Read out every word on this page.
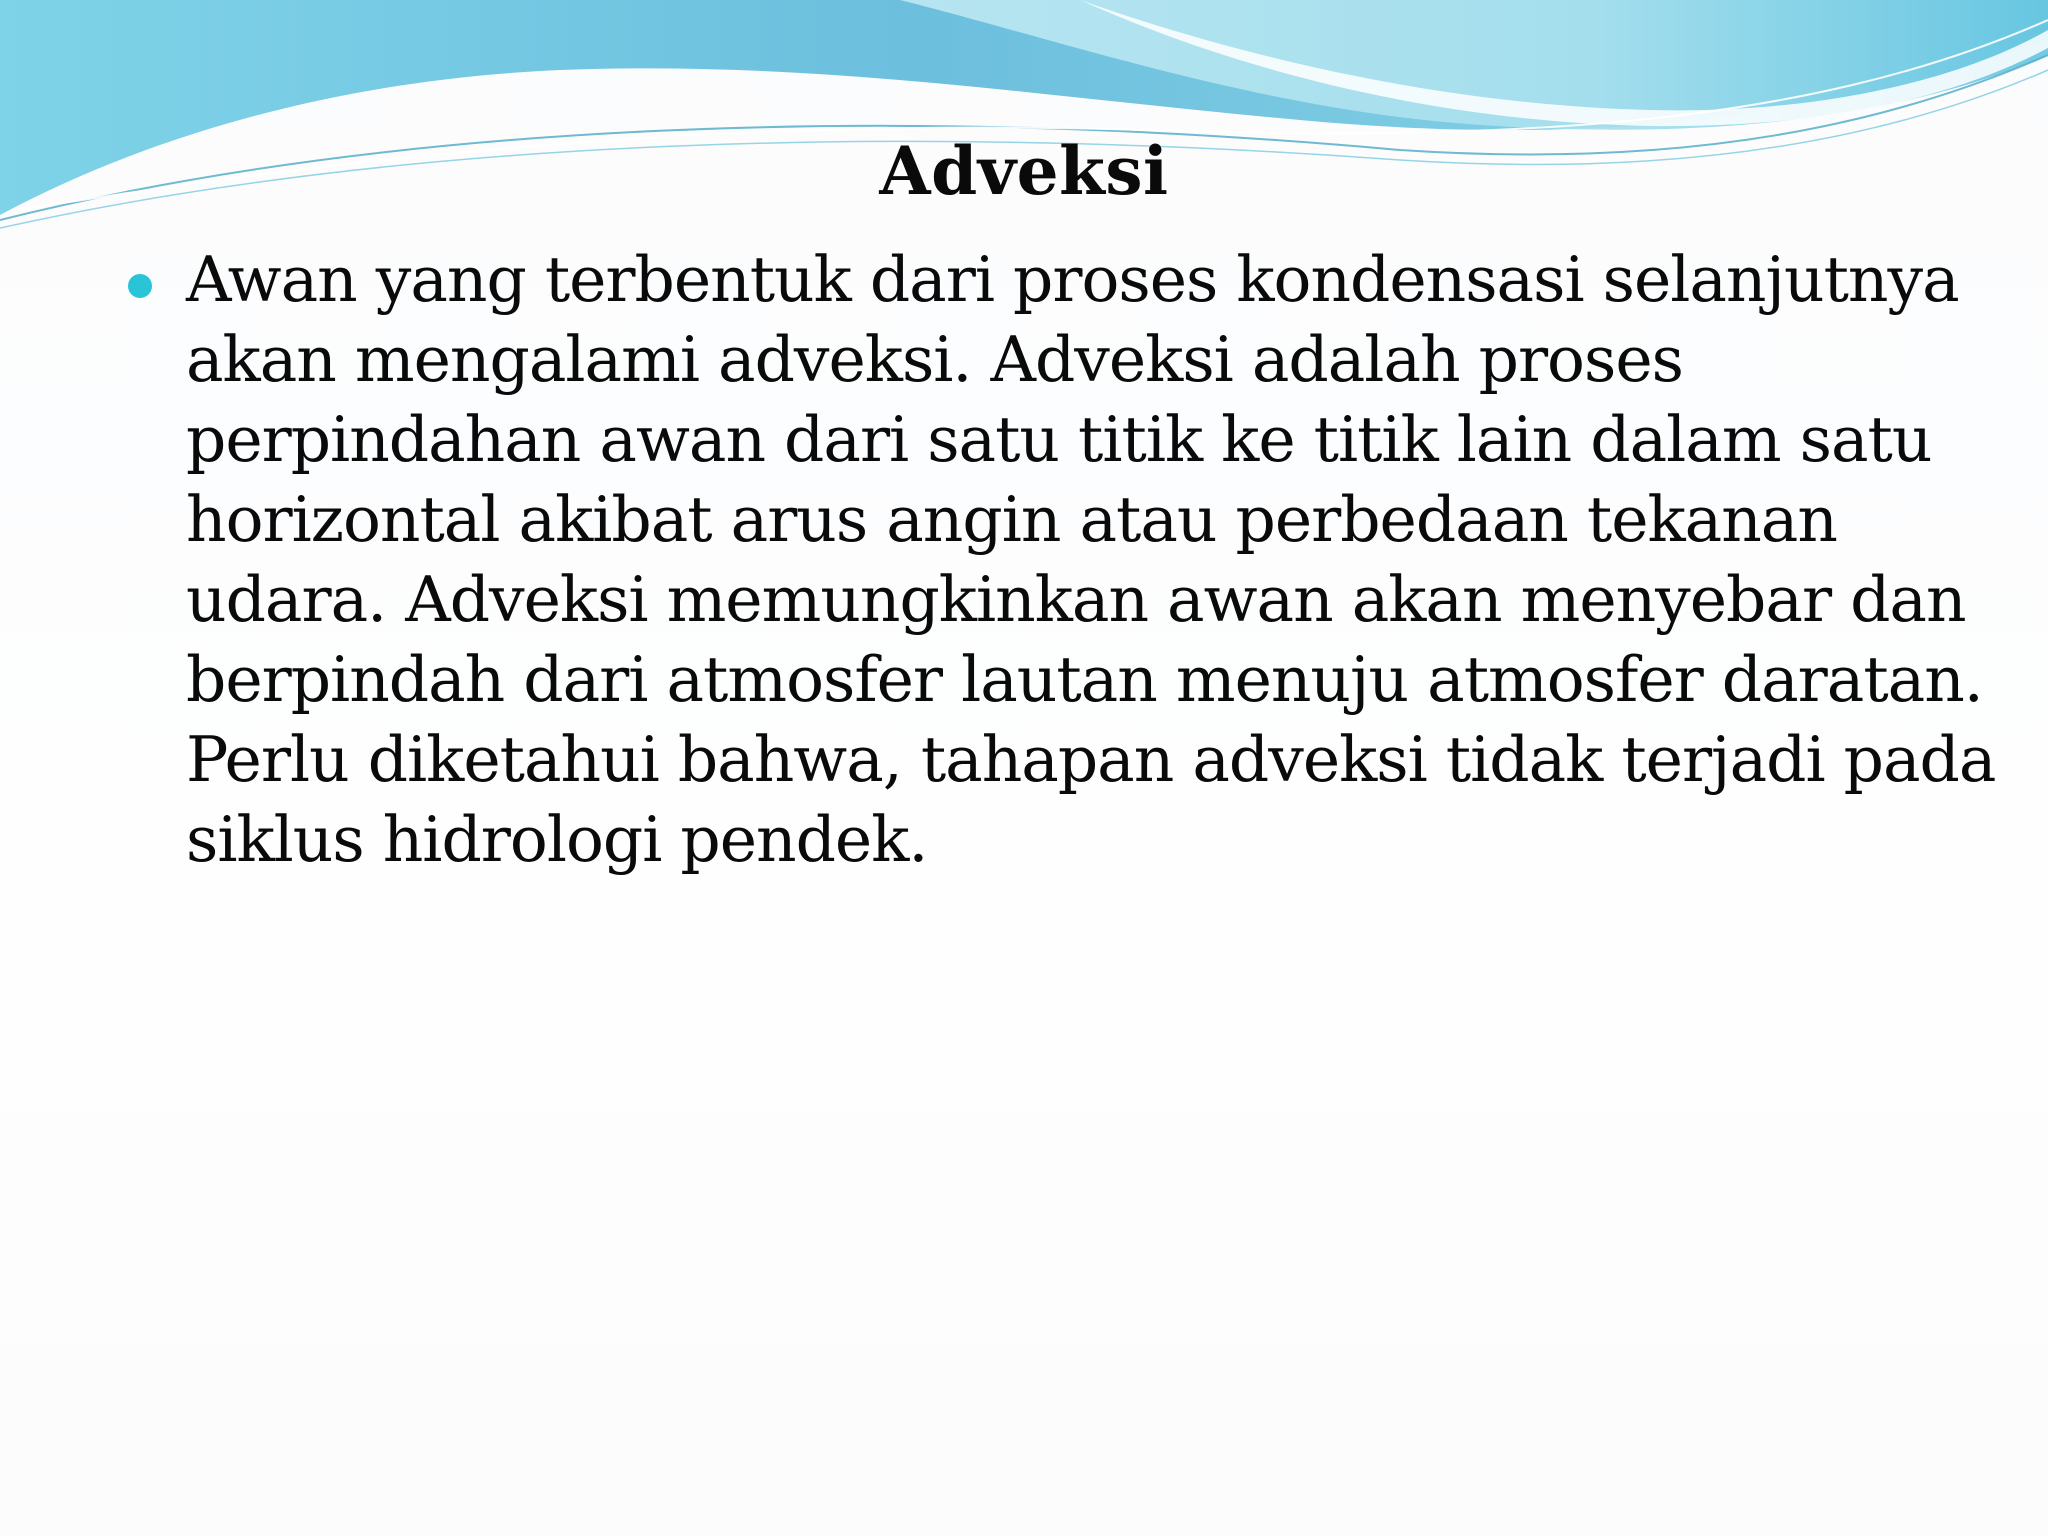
Adveksi
Awan yang terbentuk dari proses kondensasi selanjutnya akan mengalami adveksi. Adveksi adalah proses perpindahan awan dari satu titik ke titik lain dalam satu horizontal akibat arus angin atau perbedaan tekanan udara. Adveksi memungkinkan awan akan menyebar dan berpindah dari atmosfer lautan menuju atmosfer daratan. Perlu diketahui bahwa, tahapan adveksi tidak terjadi pada siklus hidrologi pendek.
